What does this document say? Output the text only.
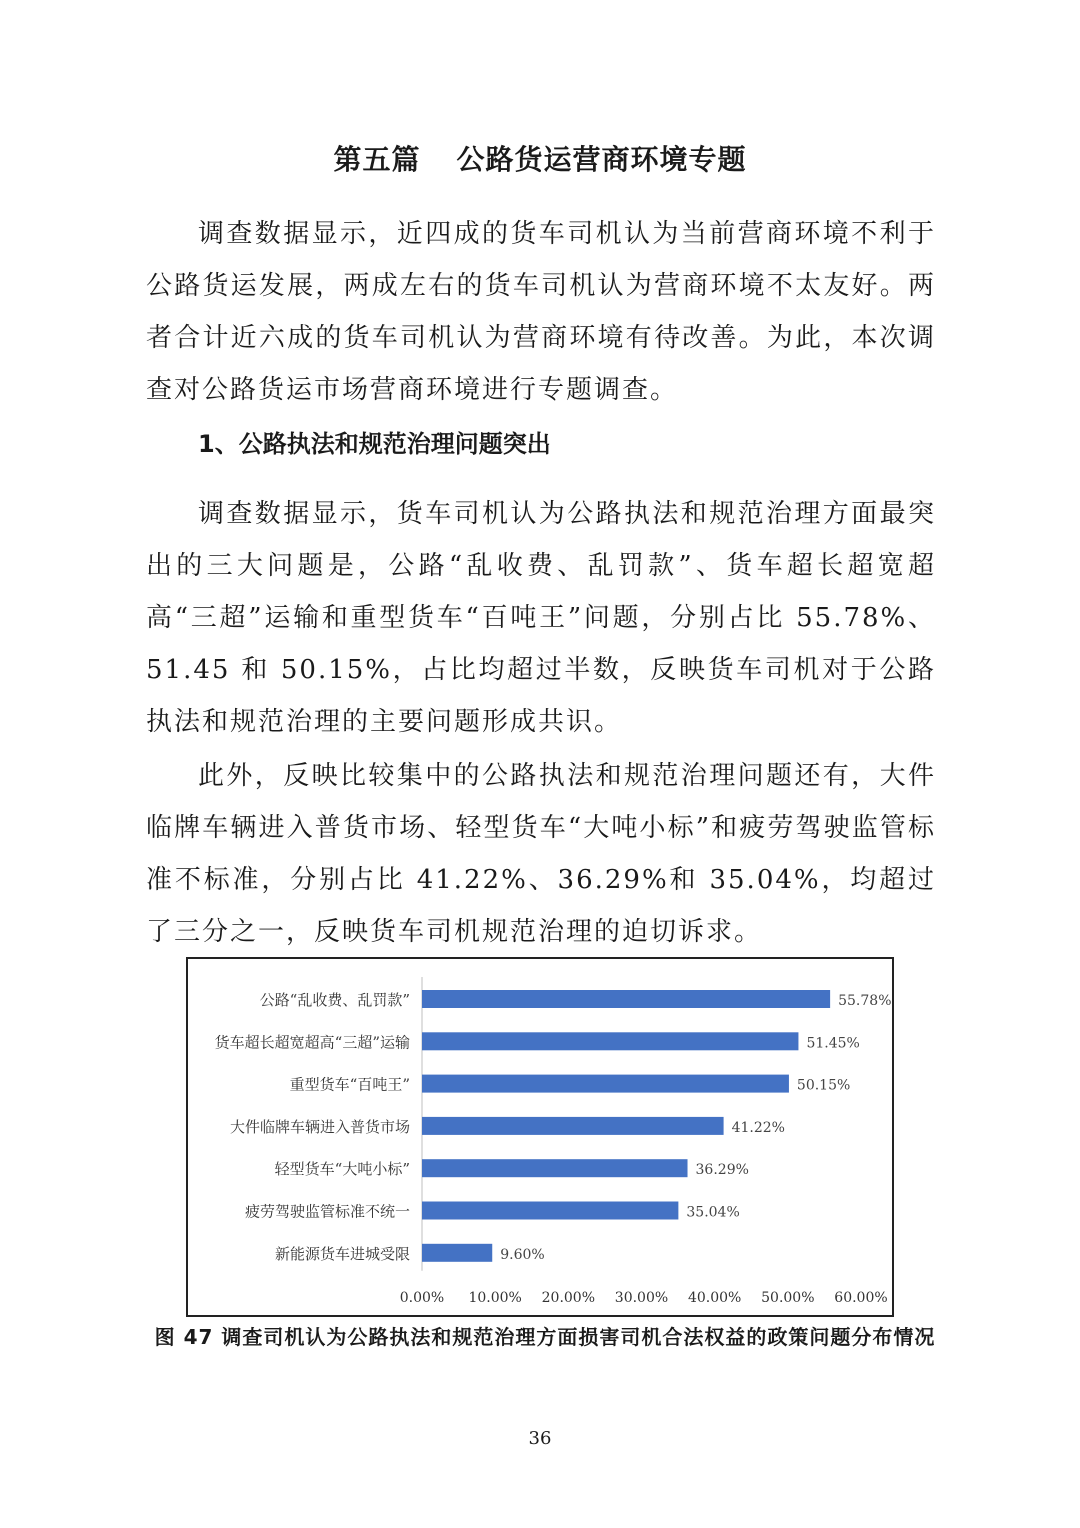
第五篇 公路货运营商环境专题

调查数据显示，近四成的货车司机认为当前营商环境不利于公路货运发展，两成左右的货车司机认为营商环境不太友好。两者合计近六成的货车司机认为营商环境有待改善。为此，本次调查对公路货运市场营商环境进行专题调查。

1、公路执法和规范治理问题突出

调查数据显示，货车司机认为公路执法和规范治理方面最突出的三大问题是，公路“乱收费、乱罚款”、货车超长超宽超高“三超”运输和重型货车“百吨王”问题，分别占比 55.78%、51.45 和 50.15%，占比均超过半数，反映货车司机对于公路执法和规范治理的主要问题形成共识。

此外，反映比较集中的公路执法和规范治理问题还有，大件临牌车辆进入普货市场、轻型货车“大吨小标”和疲劳驾驶监管标准不标准，分别占比 41.22%、36.29%和 35.04%，均超过了三分之一，反映货车司机规范治理的迫切诉求。

公路“乱收费、乱罚款”	55.78%
货车超长超宽超高“三超”运输	51.45%
重型货车“百吨王”	50.15%
大件临牌车辆进入普货市场	41.22%
轻型货车“大吨小标”	36.29%
疲劳驾驶监管标准不统一	35.04%
新能源货车进城受限	9.60%
0.00% 10.00% 20.00% 30.00% 40.00% 50.00% 60.00%
图 47 调查司机认为公路执法和规范治理方面损害司机合法权益的政策问题分布情况
36
